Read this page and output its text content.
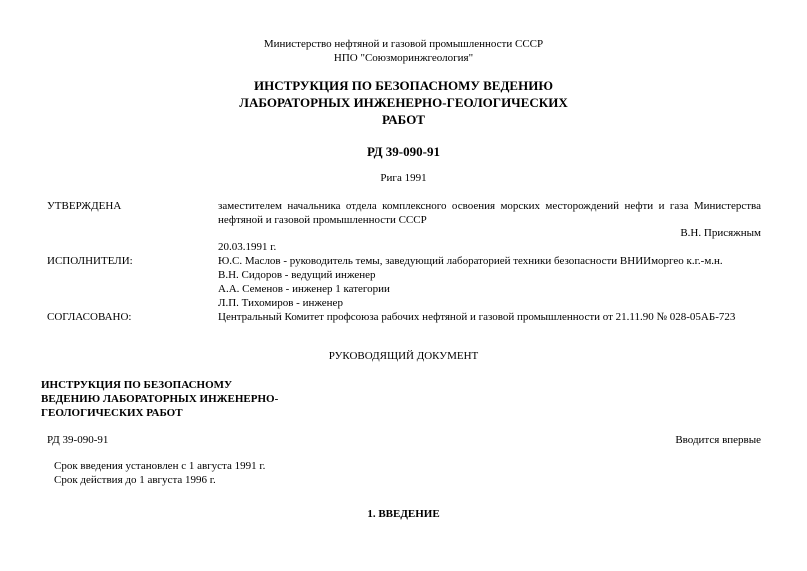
Министерство нефтяной и газовой промышленности СССР
НПО "Союзморинжгеология"
ИНСТРУКЦИЯ ПО БЕЗОПАСНОМУ ВЕДЕНИЮ
ЛАБОРАТОРНЫХ ИНЖЕНЕРНО-ГЕОЛОГИЧЕСКИХ
РАБОТ
РД 39-090-91
Рига 1991
УТВЕРЖДЕНА	заместителем начальника отдела комплексного освоения морских месторождений нефти и газа Министерства нефтяной и газовой промышленности СССР
В.Н. Присяжным
20.03.1991 г.
ИСПОЛНИТЕЛИ:	Ю.С. Маслов - руководитель темы, заведующий лабораторией техники безопасности ВНИИморгео к.г.-м.н.
В.Н. Сидоров - ведущий инженер
А.А. Семенов - инженер 1 категории
Л.П. Тихомиров - инженер
СОГЛАСОВАНО:	Центральный Комитет профсоюза рабочих нефтяной и газовой промышленности от 21.11.90 № 028-05АБ-723
РУКОВОДЯЩИЙ ДОКУМЕНТ
ИНСТРУКЦИЯ ПО БЕЗОПАСНОМУ
ВЕДЕНИЮ ЛАБОРАТОРНЫХ ИНЖЕНЕРНО-
ГЕОЛОГИЧЕСКИХ РАБОТ
РД 39-090-91	Вводится впервые
Срок введения установлен с 1 августа 1991 г.
Срок действия до 1 августа 1996 г.
1. ВВЕДЕНИЕ
